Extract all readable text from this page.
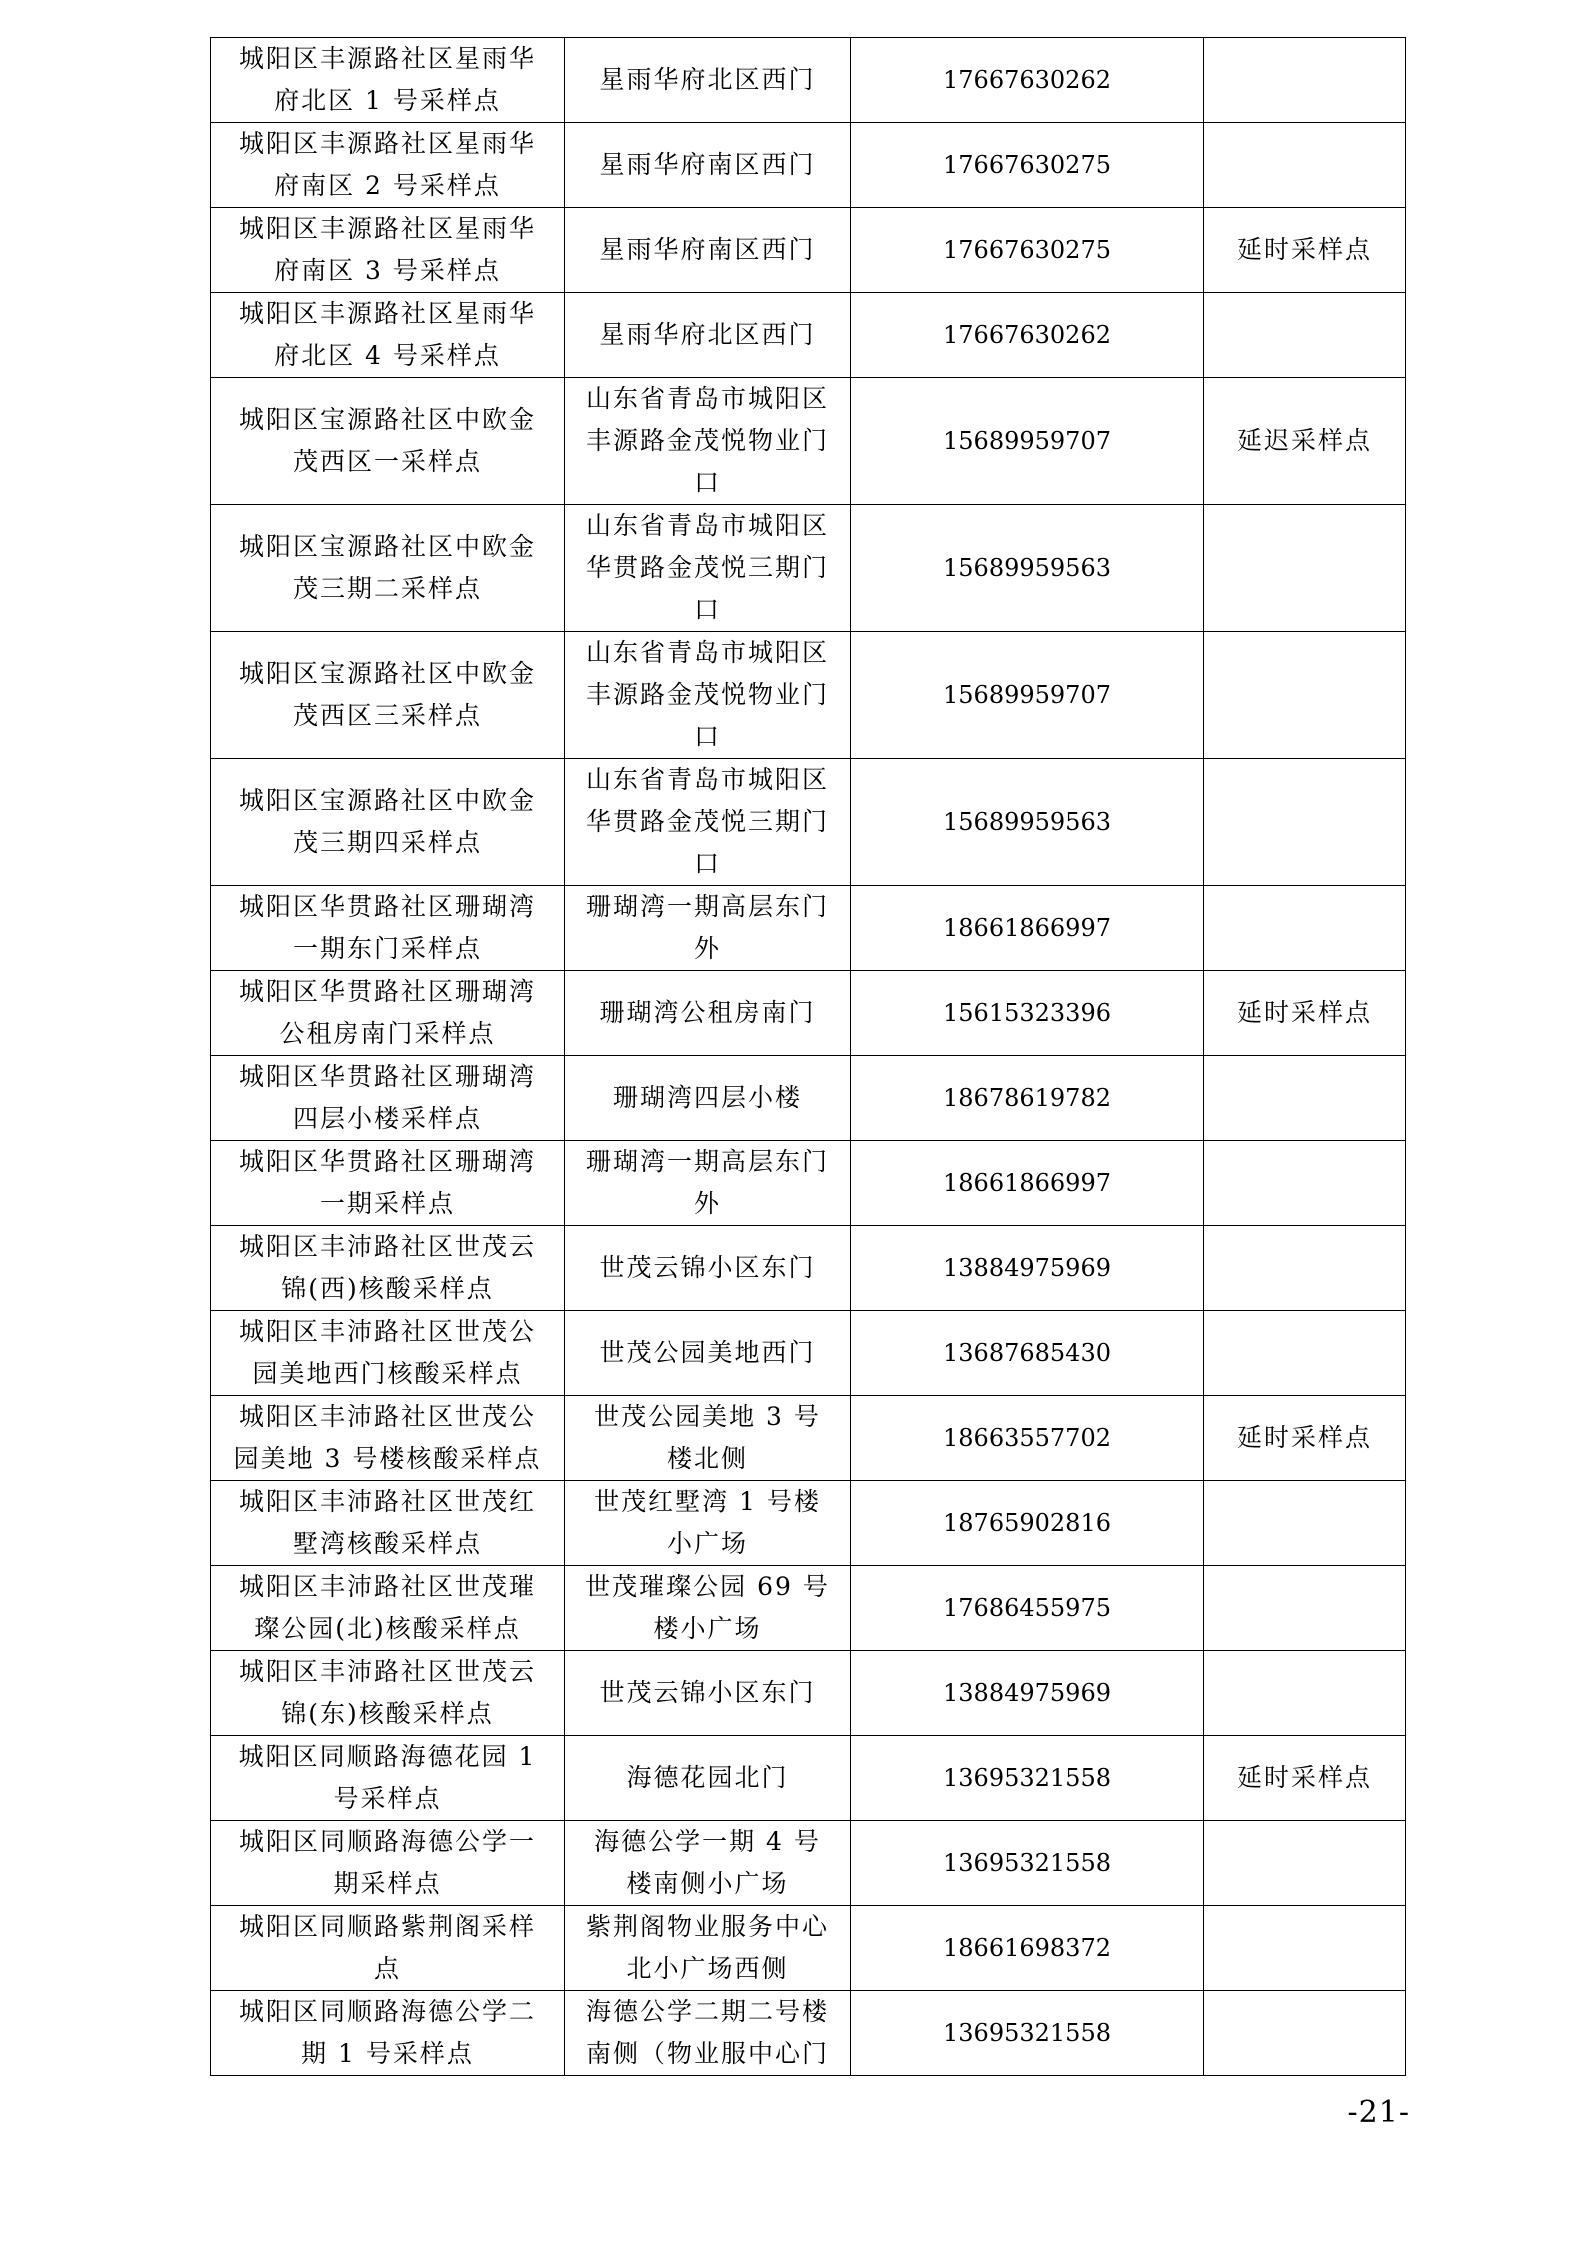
城阳区丰源路社区星雨华府北区 1 号采样点	星雨华府北区西门	17667630262	
城阳区丰源路社区星雨华府南区 2 号采样点	星雨华府南区西门	17667630275	
城阳区丰源路社区星雨华府南区 3 号采样点	星雨华府南区西门	17667630275	延时采样点
城阳区丰源路社区星雨华府北区 4 号采样点	星雨华府北区西门	17667630262	
城阳区宝源路社区中欧金茂西区一采样点	山东省青岛市城阳区丰源路金茂悦物业门口	15689959707	延迟采样点
城阳区宝源路社区中欧金茂三期二采样点	山东省青岛市城阳区华贯路金茂悦三期门口	15689959563	
城阳区宝源路社区中欧金茂西区三采样点	山东省青岛市城阳区丰源路金茂悦物业门口	15689959707	
城阳区宝源路社区中欧金茂三期四采样点	山东省青岛市城阳区华贯路金茂悦三期门口	15689959563	
城阳区华贯路社区珊瑚湾一期东门采样点	珊瑚湾一期高层东门外	18661866997	
城阳区华贯路社区珊瑚湾公租房南门采样点	珊瑚湾公租房南门	15615323396	延时采样点
城阳区华贯路社区珊瑚湾四层小楼采样点	珊瑚湾四层小楼	18678619782	
城阳区华贯路社区珊瑚湾一期采样点	珊瑚湾一期高层东门外	18661866997	
城阳区丰沛路社区世茂云锦(西)核酸采样点	世茂云锦小区东门	13884975969	
城阳区丰沛路社区世茂公园美地西门核酸采样点	世茂公园美地西门	13687685430	
城阳区丰沛路社区世茂公园美地 3 号楼核酸采样点	世茂公园美地 3 号楼北侧	18663557702	延时采样点
城阳区丰沛路社区世茂红墅湾核酸采样点	世茂红墅湾 1 号楼小广场	18765902816	
城阳区丰沛路社区世茂璀璨公园(北)核酸采样点	世茂璀璨公园 69 号楼小广场	17686455975	
城阳区丰沛路社区世茂云锦(东)核酸采样点	世茂云锦小区东门	13884975969	
城阳区同顺路海德花园 1 号采样点	海德花园北门	13695321558	延时采样点
城阳区同顺路海德公学一期采样点	海德公学一期 4 号楼南侧小广场	13695321558	
城阳区同顺路紫荆阁采样点	紫荆阁物业服务中心北小广场西侧	18661698372	
城阳区同顺路海德公学二期 1 号采样点	海德公学二期二号楼南侧（物业服中心门	13695321558	
-21-
